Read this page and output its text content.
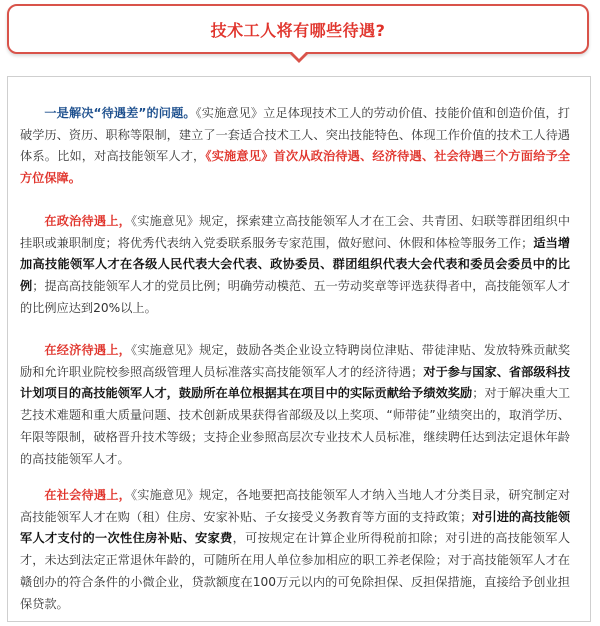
技术工人将有哪些待遇?

一是解决“待遇差”的问题。《实施意见》立足体现技术工人的劳动价值、技能价值和创造价值，打破学历、资历、职称等限制，建立了一套适合技术工人、突出技能特色、体现工作价值的技术工人待遇体系。比如，对高技能领军人才，《实施意见》首次从政治待遇、经济待遇、社会待遇三个方面给予全方位保障。

在政治待遇上，《实施意见》规定，探索建立高技能领军人才在工会、共青团、妇联等群团组织中挂职或兼职制度；将优秀代表纳入党委联系服务专家范围，做好慰问、休假和体检等服务工作；适当增加高技能领军人才在各级人民代表大会代表、政协委员、群团组织代表大会代表和委员会委员中的比例；提高高技能领军人才的党员比例；明确劳动模范、五一劳动奖章等评选获得者中，高技能领军人才的比例应达到20%以上。

在经济待遇上，《实施意见》规定，鼓励各类企业设立特聘岗位津贴、带徒津贴、发放特殊贡献奖励和允许职业院校参照高级管理人员标准落实高技能领军人才的经济待遇；对于参与国家、省部级科技计划项目的高技能领军人才，鼓励所在单位根据其在项目中的实际贡献给予绩效奖励；对于解决重大工艺技术难题和重大质量问题、技术创新成果获得省部级及以上奖项、“师带徒”业绩突出的，取消学历、年限等限制，破格晋升技术等级；支持企业参照高层次专业技术人员标准，继续聘任达到法定退休年龄的高技能领军人才。

在社会待遇上，《实施意见》规定，各地要把高技能领军人才纳入当地人才分类目录，研究制定对高技能领军人才在购（租）住房、安家补贴、子女接受义务教育等方面的支持政策；对引进的高技能领军人才支付的一次性住房补贴、安家费，可按规定在计算企业所得税前扣除；对引进的高技能领军人才，未达到法定正常退休年龄的，可随所在用人单位参加相应的职工养老保险；对于高技能领军人才在赣创办的符合条件的小微企业，贷款额度在100万元以内的可免除担保、反担保措施，直接给予创业担保贷款。
